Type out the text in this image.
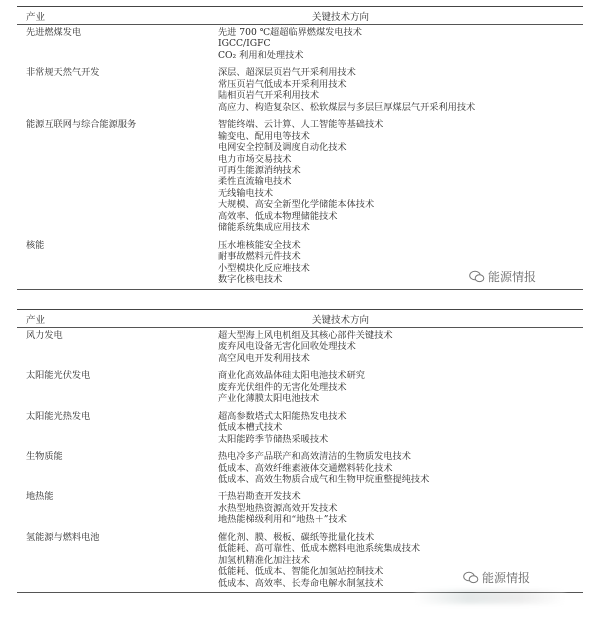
产业	关键技术方向
先进燃煤发电	先进 700 ℃超超临界燃煤发电技术
IGCC/IGFC
CO₂ 利用和处理技术
非常规天然气开发	深层、超深层页岩气开采利用技术
常压页岩气低成本开采利用技术
陆相页岩气开采利用技术
高应力、构造复杂区、松软煤层与多层巨厚煤层气开采利用技术
能源互联网与综合能源服务	智能终端、云计算、人工智能等基础技术
输变电、配用电等技术
电网安全控制及调度自动化技术
电力市场交易技术
可再生能源消纳技术
柔性直流输电技术
无线输电技术
大规模、高安全新型化学储能本体技术
高效率、低成本物理储能技术
储能系统集成应用技术
核能	压水堆核能安全技术
耐事故燃料元件技术
小型模块化反应堆技术
数字化核电技术
产业	关键技术方向
风力发电	超大型海上风电机组及其核心部件关键技术
废弃风电设备无害化回收处理技术
高空风电开发利用技术
太阳能光伏发电	商业化高效晶体硅太阳电池技术研究
废弃光伏组件的无害化处理技术
产业化薄膜太阳电池技术
太阳能光热发电	超高参数塔式太阳能热发电技术
低成本槽式技术
太阳能跨季节储热采暖技术
生物质能	热电冷多产品联产和高效清洁的生物质发电技术
低成本、高效纤维素液体交通燃料转化技术
低成本、高效生物质合成气和生物甲烷重整提纯技术
地热能	干热岩勘查开发技术
水热型地热资源高效开发技术
地热能梯级利用和“地热＋”技术
氢能源与燃料电池	催化剂、膜、极板、碳纸等批量化技术
低能耗、高可靠性、低成本燃料电池系统集成技术
加氢机精准化加注技术
低能耗、低成本、智能化加氢站控制技术
低成本、高效率、长寿命电解水制氢技术
能源情报
能源情报
